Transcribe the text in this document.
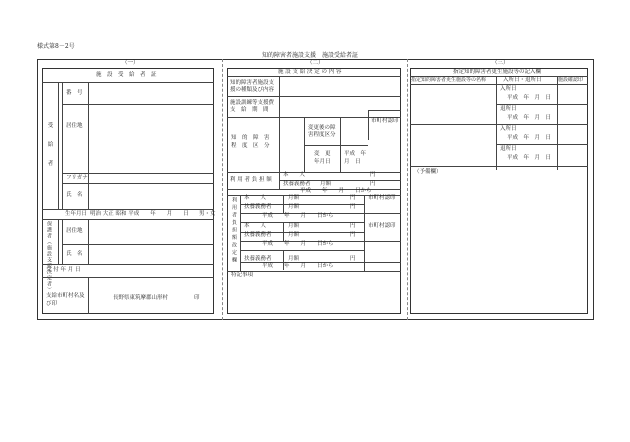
様式第8－2号
知的障害者施設支援　施設受給者証
（一）
施　設　受　給　者　証
受　給　者
番　号
居住地
フリガナ
氏　名
生年月日 明治 大正 昭和 平成　　年　　月　　日 男・女
保護者（施設支援決定者）	居住地
氏　名
交 付 年 月 日
支給市町村名及び印
長野県東筑摩郡山形村	印
（二）
施 設 支 給 決 定 の 内 容
知的障害者施設支援の種類及び内容
施設訓練等支援費支　給　期　間
知　的　障　害　程　度　区　分
市町村認印
変更後の障害程度区分
変　更　年月日
平成　年　月　日
利 用 者 負 担 額
本　　人	円
扶養義務者 月額	円
平成　　年　　月　　日から
利用者負担額改定欄 本　　人	月額	円 市町村認印
扶養義務者	月額	円
平成　　年　　月　　日から
本　　人	月額	円 市町村認印
扶養義務者	月額	円
平成　　年　　月　　日から
扶養義務者	月額	円
平成　　年　　月　　日から
特記事項
（三）
指定知的障害者更生施設等の記入欄
指定知的障害者更生施設等の名称	入所日・退所日	施設確認印
入所日
平成　年　月　日
退所日
平成　年　月　日
入所日
平成　年　月　日
退所日
平成　年　月　日
（予備欄）
